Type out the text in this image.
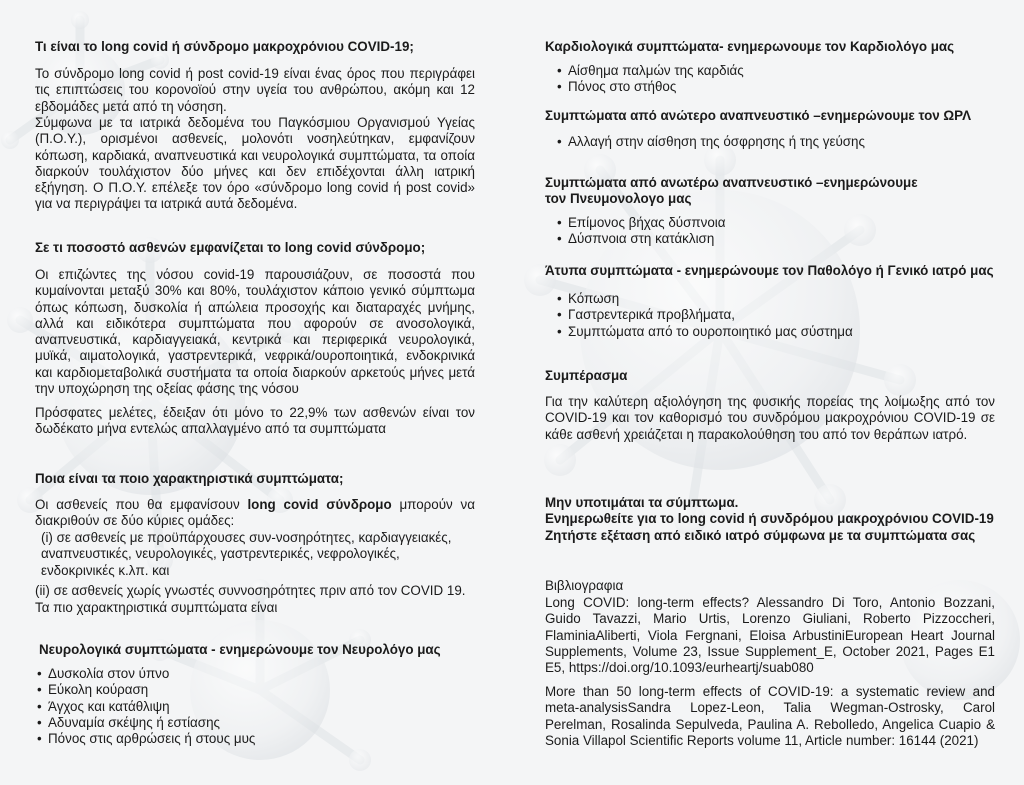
Τι είναι το long covid ή σύνδρομο μακροχρόνιου COVID-19;

Το σύνδρομο long covid ή post covid-19 είναι ένας όρος που περιγράφει τις επιπτώσεις του κορονοϊού στην υγεία του ανθρώπου, ακόμη και 12 εβδομάδες μετά από τη νόσηση.

Σύμφωνα με τα ιατρικά δεδομένα του Παγκόσμιου Οργανισμού Υγείας (Π.Ο.Υ.), ορισμένοι ασθενείς, μολονότι νοσηλεύτηκαν, εμφανίζουν κόπωση, καρδιακά, αναπνευστικά και νευρολογικά συμπτώματα, τα οποία διαρκούν τουλάχιστον δύο μήνες και δεν επιδέχονται άλλη ιατρική εξήγηση. Ο Π.Ο.Υ. επέλεξε τον όρο «σύνδρομο long covid ή post covid» για να περιγράψει τα ιατρικά αυτά δεδομένα.

Σε τι ποσοστό ασθενών εμφανίζεται το long covid σύνδρομο;

Οι επιζώντες της νόσου covid-19 παρουσιάζουν, σε ποσοστά που κυμαίνονται μεταξύ 30% και 80%, τουλάχιστον κάποιο γενικό σύμπτωμα όπως κόπωση, δυσκολία ή απώλεια προσοχής και διαταραχές μνήμης, αλλά και ειδικότερα συμπτώματα που αφορούν σε ανοσολογικά, αναπνευστικά, καρδιαγγειακά, κεντρικά και περιφερικά νευρολογικά, μυϊκά, αιματολογικά, γαστρεντερικά, νεφρικά/ουροποιητικά, ενδοκρινικά και καρδιομεταβολικά συστήματα τα οποία διαρκούν αρκετούς μήνες μετά την υποχώρηση της οξείας φάσης της νόσου

Πρόσφατες μελέτες, έδειξαν ότι μόνο το 22,9% των ασθενών είναι τον δωδέκατο μήνα εντελώς απαλλαγμένο από τα συμπτώματα

Ποια είναι τα ποιο χαρακτηριστικά συμπτώματα;

Οι ασθενείς που θα εμφανίσουν long covid σύνδρομο μπορούν να διακριθούν σε δύο κύριες ομάδες:

(i) σε ασθενείς με προϋπάρχουσες συν-νοσηρότητες, καρδιαγγειακές, αναπνευστικές, νευρολογικές, γαστρεντερικές, νεφρολογικές, ενδοκρινικές κ.λπ. και

(ii) σε ασθενείς χωρίς γνωστές συννοσηρότητες πριν από τον COVID 19.

Τα πιο χαρακτηριστικά συμπτώματα είναι

Νευρολογικά συμπτώματα - ενημερώνουμε τον Νευρολόγο μας

• Δυσκολία στον ύπνο
• Εύκολη κούραση
• Άγχος και κατάθλιψη
• Αδυναμία σκέψης ή εστίασης
• Πόνος στις αρθρώσεις ή στους μυς

Καρδιολογικά συμπτώματα- ενημερωνουμε τον Καρδιολόγο μας

• Αίσθημα παλμών της καρδιάς
• Πόνος στο στήθος

Συμπτώματα από ανώτερο αναπνευστικό –ενημερώνουμε τον ΩΡΛ

• Αλλαγή στην αίσθηση της όσφρησης ή της γεύσης

Συμπτώματα από ανωτέρω αναπνευστικό –ενημερώνουμε
τον Πνευμονολογο μας

• Επίμονος βήχας δύσπνοια
• Δύσπνοια στη κατάκλιση

Άτυπα συμπτώματα - ενημερώνουμε τον Παθολόγο ή Γενικό ιατρό μας

• Κόπωση
• Γαστρεντερικά προβλήματα,
• Συμπτώματα από το ουροποιητικό μας σύστημα

Συμπέρασμα

Για την καλύτερη αξιολόγηση της φυσικής πορείας της λοίμωξης από τον COVID-19 και τον καθορισμό του συνδρόμου μακροχρόνιου COVID-19 σε κάθε ασθενή χρειάζεται η παρακολούθηση του από τον θεράπων ιατρό.

Μην υποτιμάται τα σύμπτωμα.
Ενημερωθείτε για το long covid ή συνδρόμου μακροχρόνιου COVID-19
Ζητήστε εξέταση από ειδικό ιατρό σύμφωνα με τα συμπτώματα σας

Βιβλιογραφια

Long COVID: long-term effects? Alessandro Di Toro, Antonio Bozzani, Guido Tavazzi, Mario Urtis, Lorenzo Giuliani, Roberto Pizzoccheri, FlaminiaAliberti, Viola Fergnani, Eloisa ArbustiniEuropean Heart Journal Supplements, Volume 23, Issue Supplement_E, October 2021, Pages E1 E5, https://doi.org/10.1093/eurheartj/suab080

More than 50 long-term effects of COVID-19: a systematic review and meta-analysisSandra Lopez-Leon, Talia Wegman-Ostrosky, Carol Perelman, Rosalinda Sepulveda, Paulina A. Rebolledo, Angelica Cuapio & Sonia Villapol Scientific Reports volume 11, Article number: 16144 (2021)
